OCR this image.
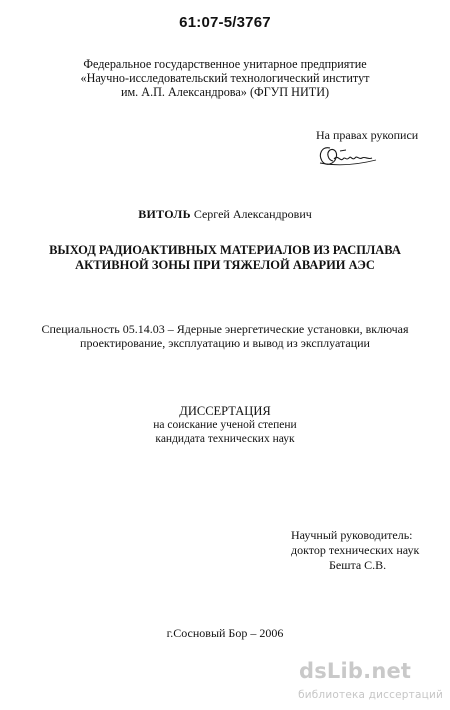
61:07-5/3767
Федеральное государственное унитарное предприятие
«Научно-исследовательский технологический институт
им. А.П. Александрова» (ФГУП НИТИ)
На правах рукописи
ВИТОЛЬ Сергей Александрович
ВЫХОД РАДИОАКТИВНЫХ МАТЕРИАЛОВ ИЗ РАСПЛАВА
АКТИВНОЙ ЗОНЫ ПРИ ТЯЖЕЛОЙ АВАРИИ АЭС
Специальность 05.14.03 – Ядерные энергетические установки, включая
проектирование, эксплуатацию и вывод из эксплуатации
ДИССЕРТАЦИЯ
на соискание ученой степени
кандидата технических наук
Научный руководитель:
доктор технических наук
Бешта С.В.
г.Сосновый Бор – 2006
dsLib.net
библиотека диссертаций
